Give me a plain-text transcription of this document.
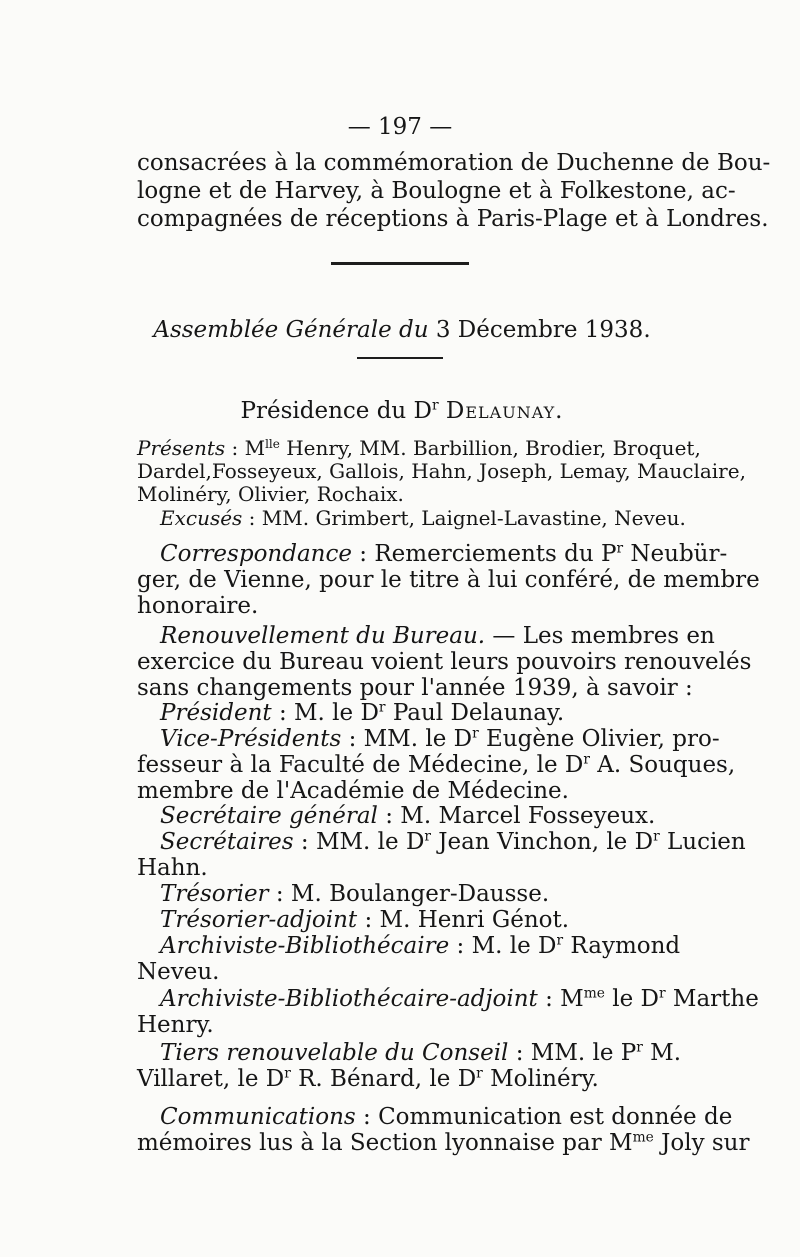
— 197 —
consacrées à la commémoration de Duchenne de Bou-
logne et de Harvey, à Boulogne et à Folkestone, ac-
compagnées de réceptions à Paris-Plage et à Londres.
Assemblée Générale du 3 Décembre 1938.
Présidence du $D^r$ Delaunay.
Présents : $M^{lle}$ Henry, MM. Barbillion, Brodier, Broquet,
Dardel,Fosseyeux, Gallois, Hahn, Joseph, Lemay, Mauclaire,
Molinéry, Olivier, Rochaix.
Excusés : MM. Grimbert, Laignel-Lavastine, Neveu.
Correspondance : Remerciements du $P^r$ Neubür-
ger, de Vienne, pour le titre à lui conféré, de membre
honoraire.
Renouvellement du Bureau. — Les membres en
exercice du Bureau voient leurs pouvoirs renouvelés
sans changements pour l'année 1939, à savoir :
Président : M. le $D^r$ Paul Delaunay.
Vice-Présidents : MM. le $D^r$ Eugène Olivier, pro-
fesseur à la Faculté de Médecine, le $D^r$ A. Souques,
membre de l'Académie de Médecine.
Secrétaire général : M. Marcel Fosseyeux.
Secrétaires : MM. le $D^r$ Jean Vinchon, le $D^r$ Lucien
Hahn.
Trésorier : M. Boulanger-Dausse.
Trésorier-adjoint : M. Henri Génot.
Archiviste-Bibliothécaire : M. le $D^r$ Raymond
Neveu.
Archiviste-Bibliothécaire-adjoint : $M^{me}$ le $D^r$ Marthe
Henry.
Tiers renouvelable du Conseil : MM. le $P^r$ M.
Villaret, le $D^r$ R. Bénard, le $D^r$ Molinéry.
Communications : Communication est donnée de
mémoires lus à la Section lyonnaise par $M^{me}$ Joly sur
